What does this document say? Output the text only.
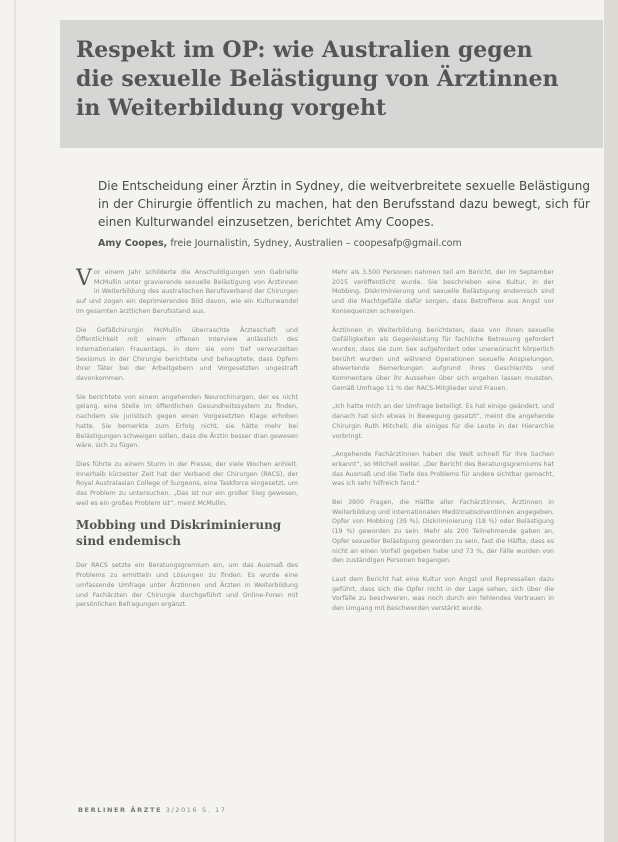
Respekt im OP: wie Australien gegen die sexuelle Belästigung von Ärztinnen in Weiterbildung vorgeht

Die Entscheidung einer Ärztin in Sydney, die weitverbreitete sexuelle Belästigung in der Chirurgie öffentlich zu machen, hat den Berufsstand dazu bewegt, sich für einen Kulturwandel einzusetzen, berichtet Amy Coopes.

Amy Coopes, freie Journalistin, Sydney, Australien – coopesafp@gmail.com

Vor einem Jahr schilderte die Anschuldigungen von Gabrielle McMullin unter gravierende sexuelle Belästigung von Ärztinnen in Weiterbildung des australischen Berufsverband der Chirurgen auf und zogen ein deprimierendes Bild davon, wie ein Kulturwandel im gesamten ärztlichen Berufsstand aus.

Die Gefäßchirurgin McMullin überraschte Ärzteschaft und Öffentlichkeit mit einem offenen Interview anlässlich des Internationalen Frauentags, in dem sie vom tief verwurzelten Sexismus in der Chirurgie berichtete und behauptete, dass Opfern ihrer Täter bei der Arbeitgebern und Vorgesetzten ungestraft davonkommen.

Sie berichtete von einem angehenden Neurochirurgen, der es nicht gelang, eine Stelle im öffentlichen Gesundheitssystem zu finden, nachdem sie juristisch gegen einen Vorgesetzten Klage erhoben hatte. Sie bemerkte zum Erfolg nicht, sie hätte mehr bei Belästigungen schweigen sollen, dass die Ärztin besser dran gewesen wäre, sich zu fügen.

Dies führte zu einem Sturm in der Presse, der viele Wochen anhielt. Innerhalb kürzester Zeit hat der Verband der Chirurgen (RACS), der Royal Australasian College of Surgeons, eine Taskforce eingesetzt, um das Problem zu untersuchen. „Das ist nur ein großer Sieg gewesen, weil es ein großes Problem ist“, meint McMullin.

Mobbing und Diskriminierung sind endemisch

Der RACS setzte ein Beratungsgremium ein, um das Ausmaß des Problems zu ermitteln und Lösungen zu finden. Es wurde eine umfassende Umfrage unter Ärztinnen und Ärzten in Weiterbildung und Fachärzten der Chirurgie durchgeführt und Online-Foren mit persönlichen Befragungen ergänzt.

Mehr als 3.500 Personen nahmen teil am Bericht, der im September 2015 veröffentlicht wurde. Sie beschrieben eine Kultur, in der Mobbing, Diskriminierung und sexuelle Belästigung endemisch sind und die Machtgefälle dafür sorgen, dass Betroffene aus Angst vor Konsequenzen schweigen.

Ärztinnen in Weiterbildung berichteten, dass von ihnen sexuelle Gefälligkeiten als Gegenleistung für fachliche Betreuung gefordert wurden, dass sie zum Sex aufgefordert oder unerwünscht körperlich berührt wurden und während Operationen sexuelle Anspielungen, abwertende Bemerkungen aufgrund ihres Geschlechts und Kommentare über ihr Aussehen über sich ergehen lassen mussten. Gemäß Umfrage 11 % der RACS-Mitglieder sind Frauen.

„Ich hatte mich an der Umfrage beteiligt. Es hat einige geändert, und danach hat sich etwas in Bewegung gesetzt“, meint die angehende Chirurgin Ruth Mitchell, die einiges für die Leute in der Hierarchie vorbringt.

„Angehende Fachärztinnen haben die Welt schnell für ihre Sachen erkannt“, so Mitchell weiter. „Der Bericht des Beratungsgremiums hat das Ausmaß und die Tiefe des Problems für andere sichtbar gemacht, was ich sehr hilfreich fand.“

Bei 3900 Fragen, die Hälfte aller Fachärztinnen, Ärztinnen in Weiterbildung und internationalen Medizinabsolventinnen angegeben, Opfer von Mobbing (39 %), Diskriminierung (18 %) oder Belästigung (19 %) geworden zu sein. Mehr als 200 Teilnehmende gaben an, Opfer sexueller Belästigung geworden zu sein, fast die Hälfte, dass es nicht an einen Vorfall gegeben habe und 73 %, der Fälle wurden von den zuständigen Personen begangen.

Laut dem Bericht hat eine Kultur von Angst und Repressalien dazu geführt, dass sich die Opfer nicht in der Lage sehen, sich über die Vorfälle zu beschweren, was noch durch ein fehlendes Vertrauen in den Umgang mit Beschwerden verstärkt wurde.

BERLINER ÄRZTE 3/2016 S. 17
